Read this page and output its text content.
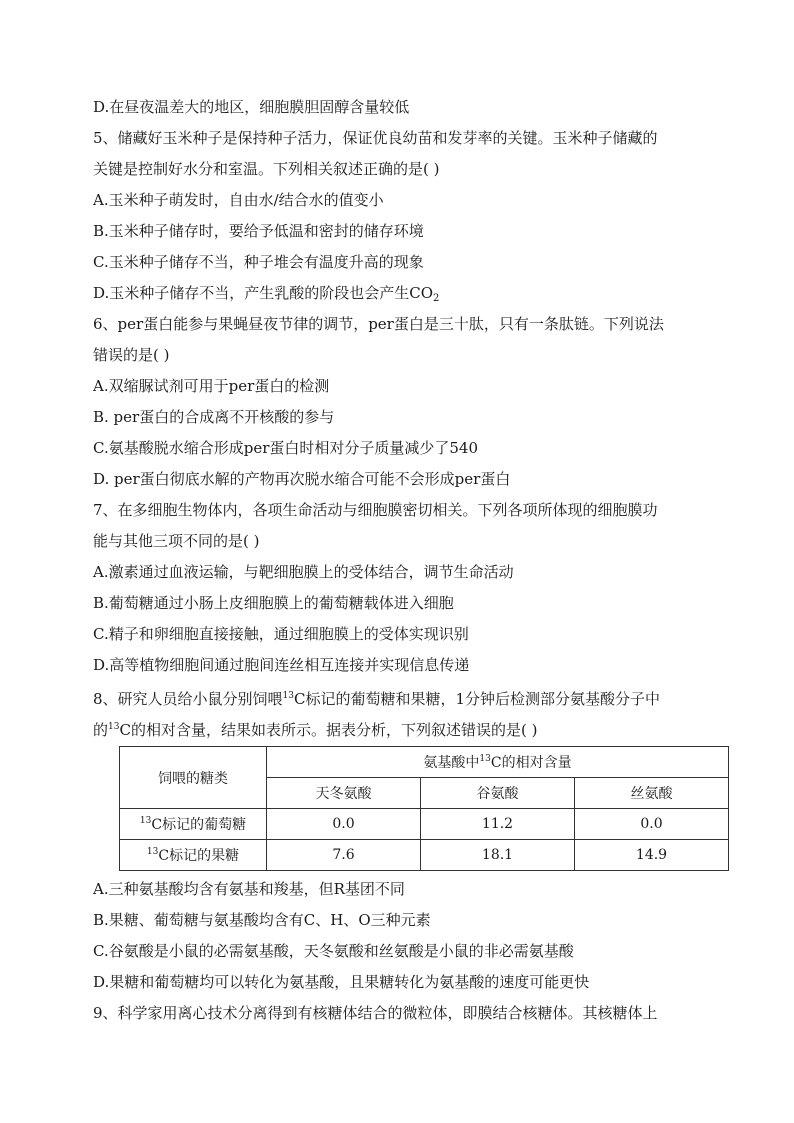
D.在昼夜温差大的地区，细胞膜胆固醇含量较低
5、储藏好玉米种子是保持种子活力，保证优良幼苗和发芽率的关键。玉米种子储藏的
关键是控制好水分和室温。下列相关叙述正确的是( )
A.玉米种子萌发时，自由水/结合水的值变小
B.玉米种子储存时，要给予低温和密封的储存环境
C.玉米种子储存不当，种子堆会有温度升高的现象
D.玉米种子储存不当，产生乳酸的阶段也会产生$CO_2$
6、per蛋白能参与果蝇昼夜节律的调节，per蛋白是三十肽，只有一条肽链。下列说法
错误的是( )
A.双缩脲试剂可用于per蛋白的检测
B. per蛋白的合成离不开核酸的参与
C.氨基酸脱水缩合形成per蛋白时相对分子质量减少了540
D. per蛋白彻底水解的产物再次脱水缩合可能不会形成per蛋白
7、在多细胞生物体内，各项生命活动与细胞膜密切相关。下列各项所体现的细胞膜功
能与其他三项不同的是( )
A.激素通过血液运输，与靶细胞膜上的受体结合，调节生命活动
B.葡萄糖通过小肠上皮细胞膜上的葡萄糖载体进入细胞
C.精子和卵细胞直接接触，通过细胞膜上的受体实现识别
D.高等植物细胞间通过胞间连丝相互连接并实现信息传递
8、研究人员给小鼠分别饲喂$^{13}$C标记的葡萄糖和果糖，1分钟后检测部分氨基酸分子中
的$^{13}$C的相对含量，结果如表所示。据表分析，下列叙述错误的是( )
饲喂的糖类	氨基酸中$^{13}$C的相对含量		
	天冬氨酸	谷氨酸	丝氨酸
$^{13}$C标记的葡萄糖	0.0	11.2	0.0
$^{13}$C标记的果糖	7.6	18.1	14.9
A.三种氨基酸均含有氨基和羧基，但R基团不同
B.果糖、葡萄糖与氨基酸均含有C、H、O三种元素
C.谷氨酸是小鼠的必需氨基酸，天冬氨酸和丝氨酸是小鼠的非必需氨基酸
D.果糖和葡萄糖均可以转化为氨基酸，且果糖转化为氨基酸的速度可能更快
9、科学家用离心技术分离得到有核糖体结合的微粒体，即膜结合核糖体。其核糖体上
